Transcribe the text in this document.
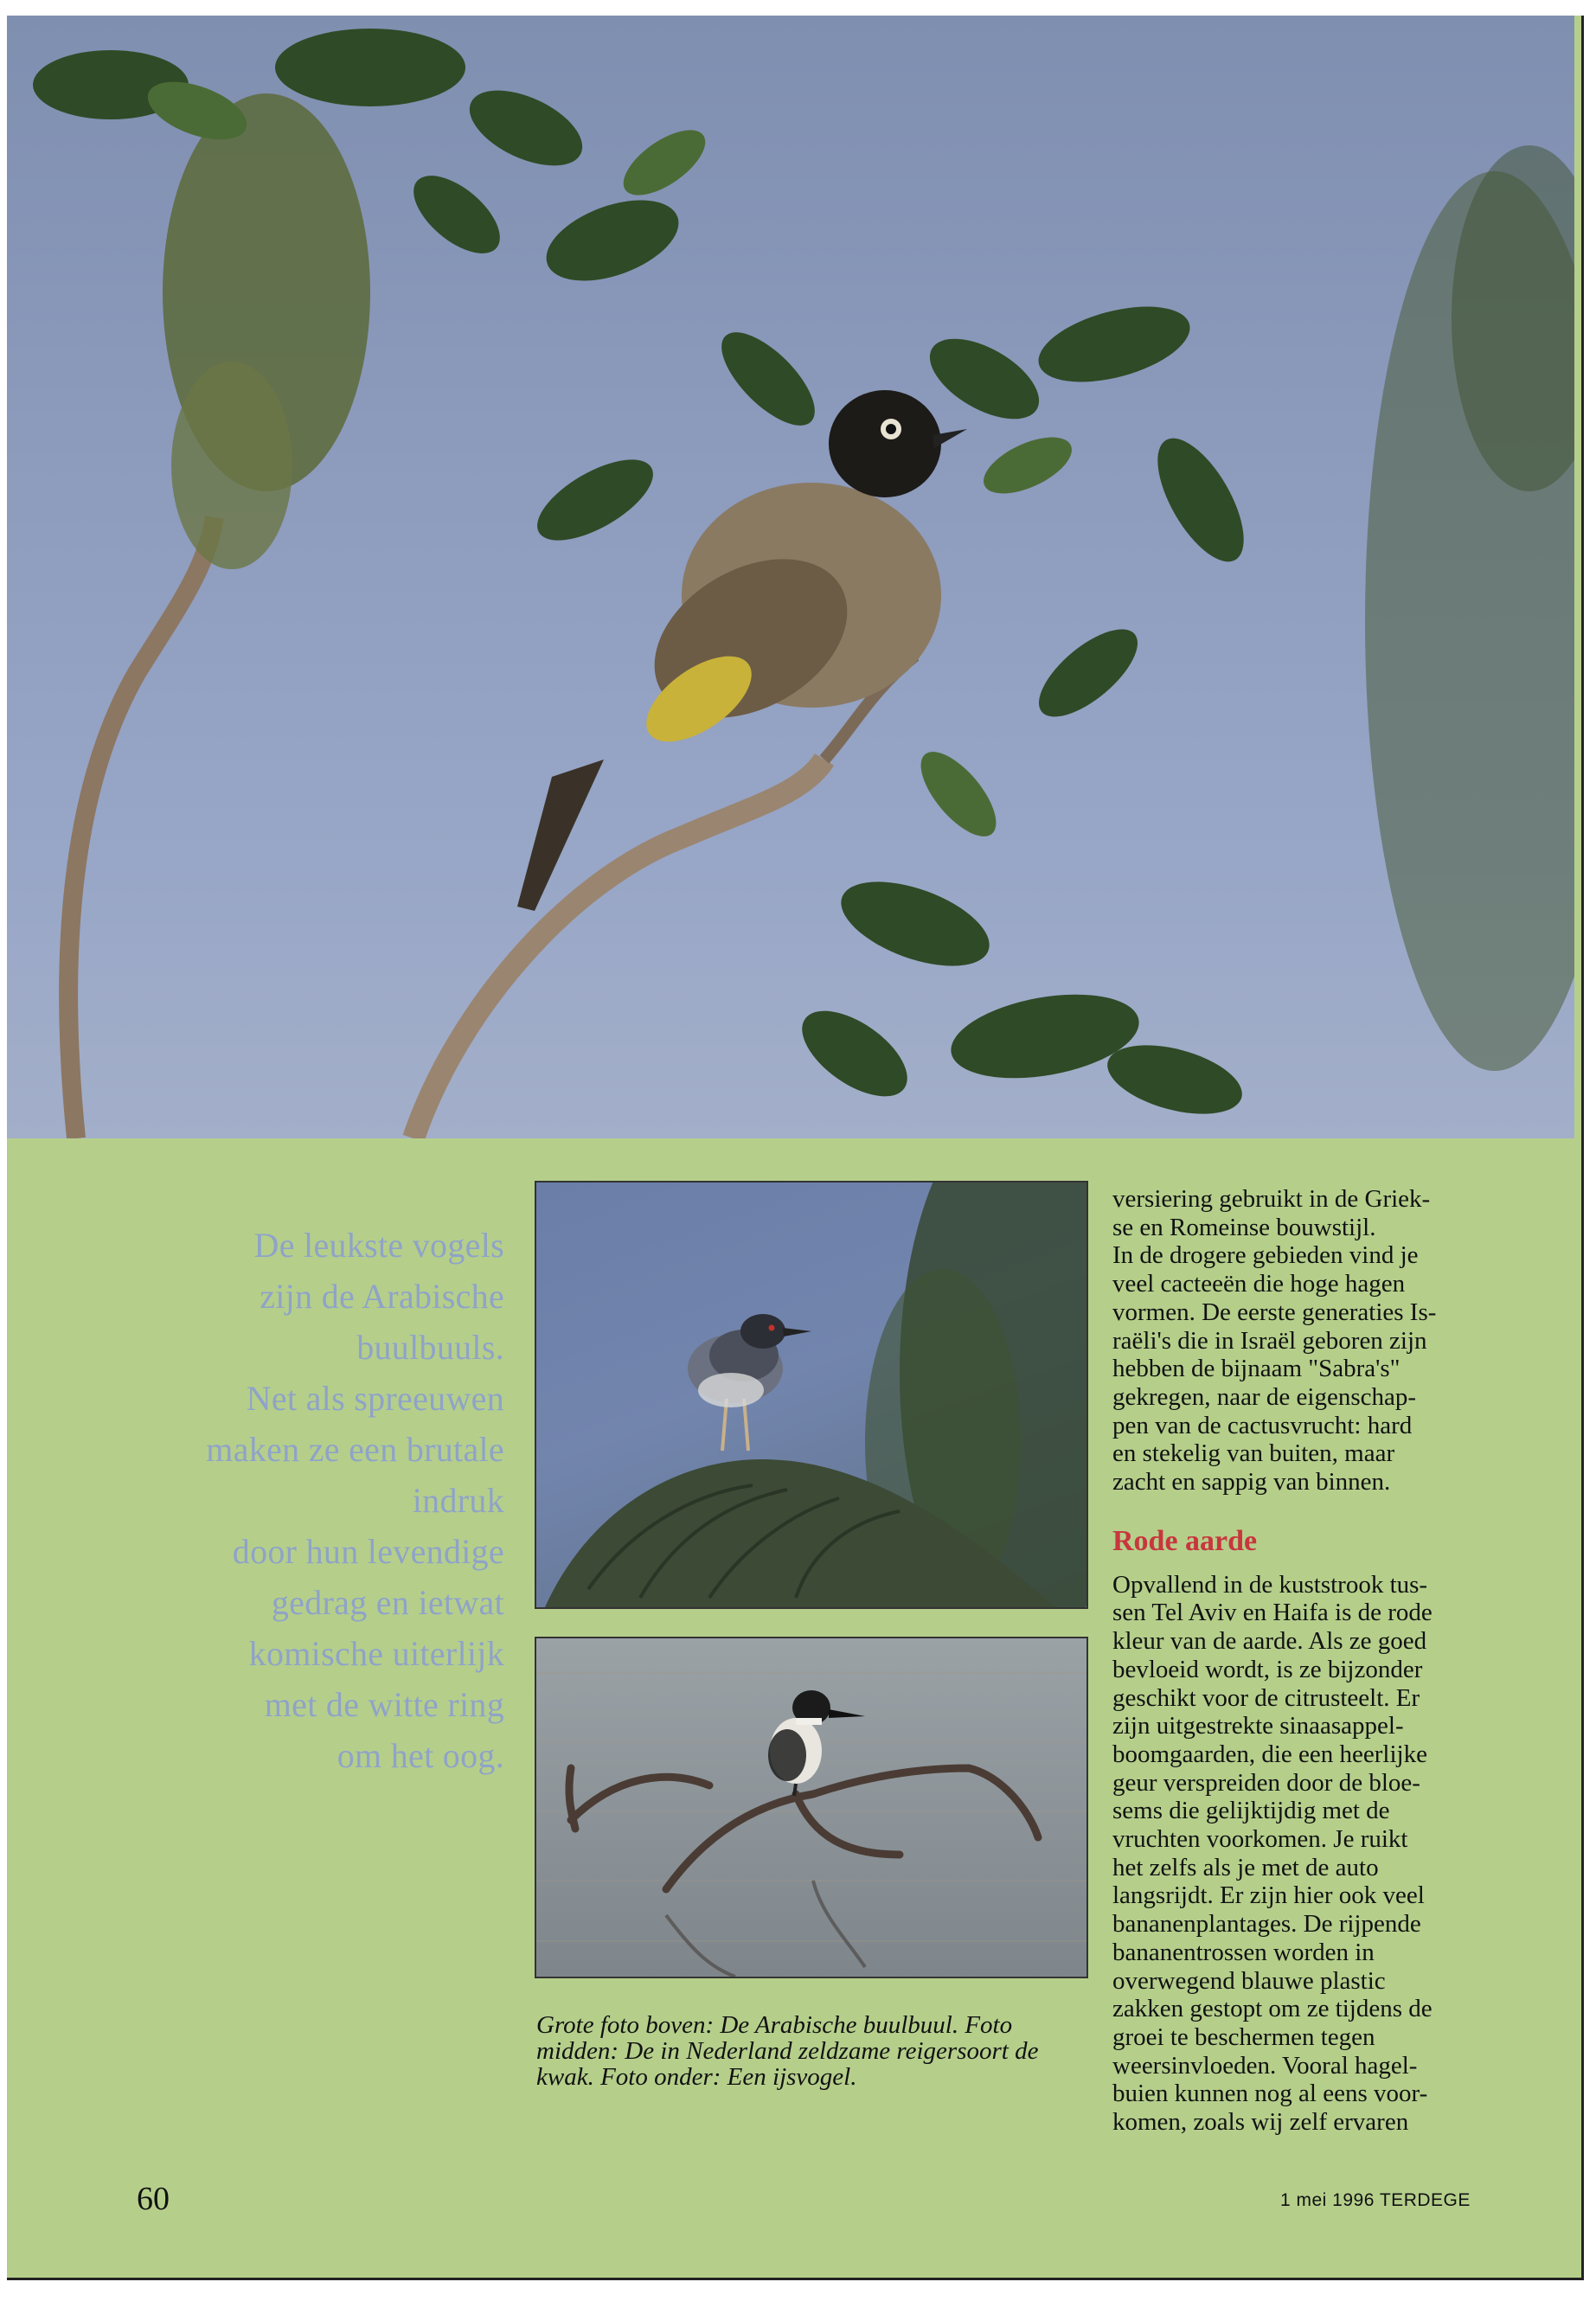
De leukste vogels
zijn de Arabische
buulbuuls.
Net als spreeuwen
maken ze een brutale
indruk
door hun levendige
gedrag en ietwat
komische uiterlijk
met de witte ring
om het oog.
Grote foto boven: De Arabische buulbuul. Foto midden: De in Nederland zeldzame reigersoort de kwak. Foto onder: Een ijsvogel.

versiering gebruikt in de Griek-

se en Romeinse bouwstijl.

In de drogere gebieden vind je

veel cacteeën die hoge hagen

vormen. De eerste generaties Is-

raëli's die in Israël geboren zijn

hebben de bijnaam "Sabra's"

gekregen, naar de eigenschap-

pen van de cactusvrucht: hard

en stekelig van buiten, maar

zacht en sappig van binnen.

Rode aarde

Opvallend in de kuststrook tus-

sen Tel Aviv en Haifa is de rode

kleur van de aarde. Als ze goed

bevloeid wordt, is ze bijzonder

geschikt voor de citrusteelt. Er

zijn uitgestrekte sinaasappel-

boomgaarden, die een heerlijke

geur verspreiden door de bloe-

sems die gelijktijdig met de

vruchten voorkomen. Je ruikt

het zelfs als je met de auto

langsrijdt. Er zijn hier ook veel

bananenplantages. De rijpende

bananentrossen worden in

overwegend blauwe plastic

zakken gestopt om ze tijdens de

groei te beschermen tegen

weersinvloeden. Vooral hagel-

buien kunnen nog al eens voor-

komen, zoals wij zelf ervaren

60	1 mei 1996 TERDEGE
